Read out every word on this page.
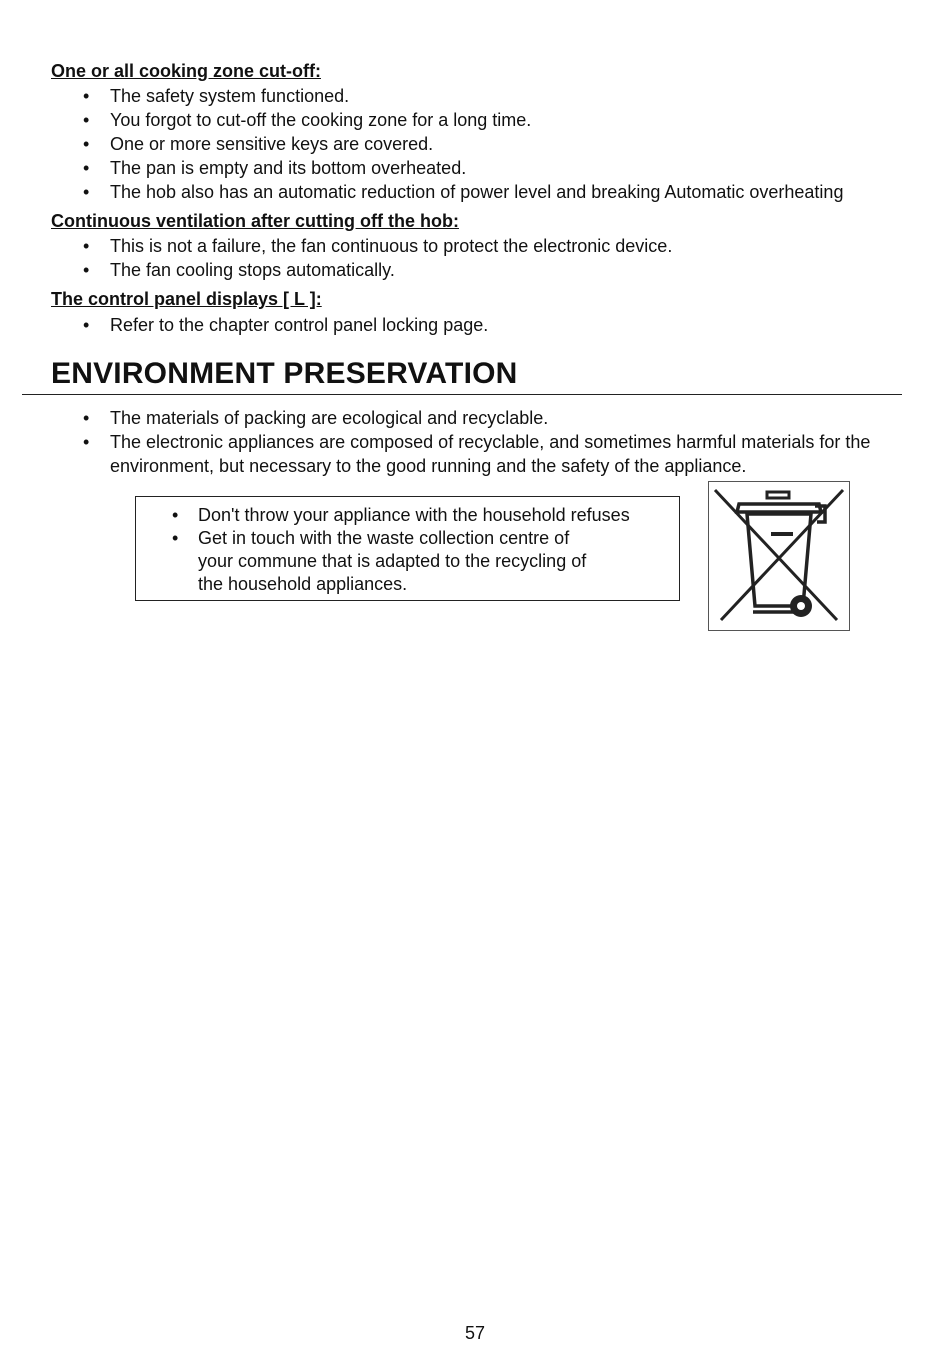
One or all cooking zone cut-off:
• The safety system functioned.
• You forgot to cut-off the cooking zone for a long time.
• One or more sensitive keys are covered.
• The pan is empty and its bottom overheated.
• The hob also has an automatic reduction of power level and breaking Automatic overheating
Continuous ventilation after cutting off the hob:
• This is not a failure, the fan continuous to protect the electronic device.
• The fan cooling stops automatically.
The control panel displays [ L ]:
• Refer to the chapter control panel locking page.
ENVIRONMENT PRESERVATION
• The materials of packing are ecological and recyclable.
• The electronic appliances are composed of recyclable, and sometimes harmful materials for the environment, but necessary to the good running and the safety of the appliance.
• Don't throw your appliance with the household refuses
• Get in touch with the waste collection centre of your commune that is adapted to the recycling of the household appliances.
57
